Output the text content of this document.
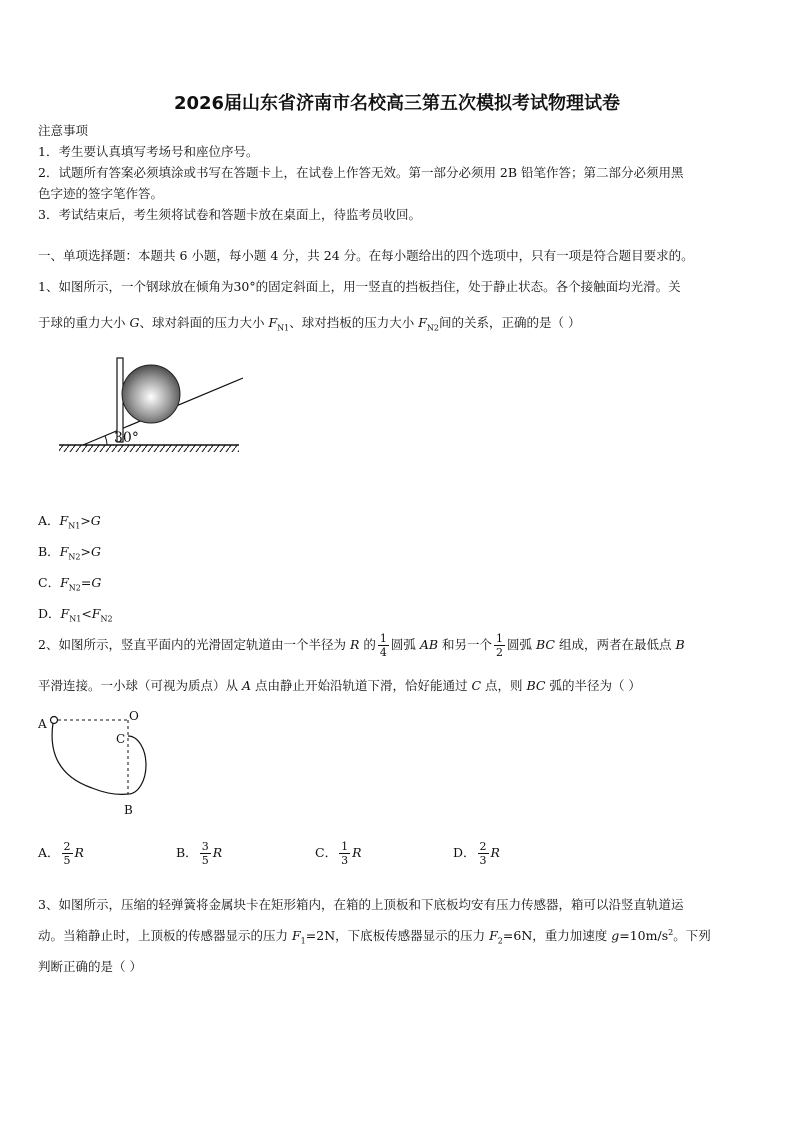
2026届山东省济南市名校高三第五次模拟考试物理试卷
注意事项
1．考生要认真填写考场号和座位序号。
2．试题所有答案必须填涂或书写在答题卡上，在试卷上作答无效。第一部分必须用 2B 铅笔作答；第二部分必须用黑
色字迹的签字笔作答。
3．考试结束后，考生须将试卷和答题卡放在桌面上，待监考员收回。
一、单项选择题：本题共 6 小题，每小题 4 分，共 24 分。在每小题给出的四个选项中，只有一项是符合题目要求的。
1、如图所示，一个钢球放在倾角为30°的固定斜面上，用一竖直的挡板挡住，处于静止状态。各个接触面均光滑。关
于球的重力大小 G、球对斜面的压力大小 $F_{N1}$、球对挡板的压力大小 $F_{N2}$间的关系，正确的是（ ）
30°
A．$F_{N1}>G$
B．$F_{N2}>G$
C．$F_{N2}=G$
D．$F_{N1}<F_{N2}$
2、如图所示，竖直平面内的光滑固定轨道由一个半径为 R 的 $\frac{1}{4}$ 圆弧 AB 和另一个 $\frac{1}{2}$ 圆弧 BC 组成，两者在最低点 B
平滑连接。一小球（可视为质点）从 A 点由静止开始沿轨道下滑，恰好能通过 C 点，则 BC 弧的半径为（ ）
A
O
C
B
A． $\frac{2}{5}$ R	B． $\frac{3}{5}$ R	C． $\frac{1}{3}$ R	D． $\frac{2}{3}$ R
3、如图所示，压缩的轻弹簧将金属块卡在矩形箱内，在箱的上顶板和下底板均安有压力传感器，箱可以沿竖直轨道运
动。当箱静止时，上顶板的传感器显示的压力 $F_1=2N$，下底板传感器显示的压力 $F_2=6N$，重力加速度 $g=10m/s^2$。下列
判断正确的是（ ）
